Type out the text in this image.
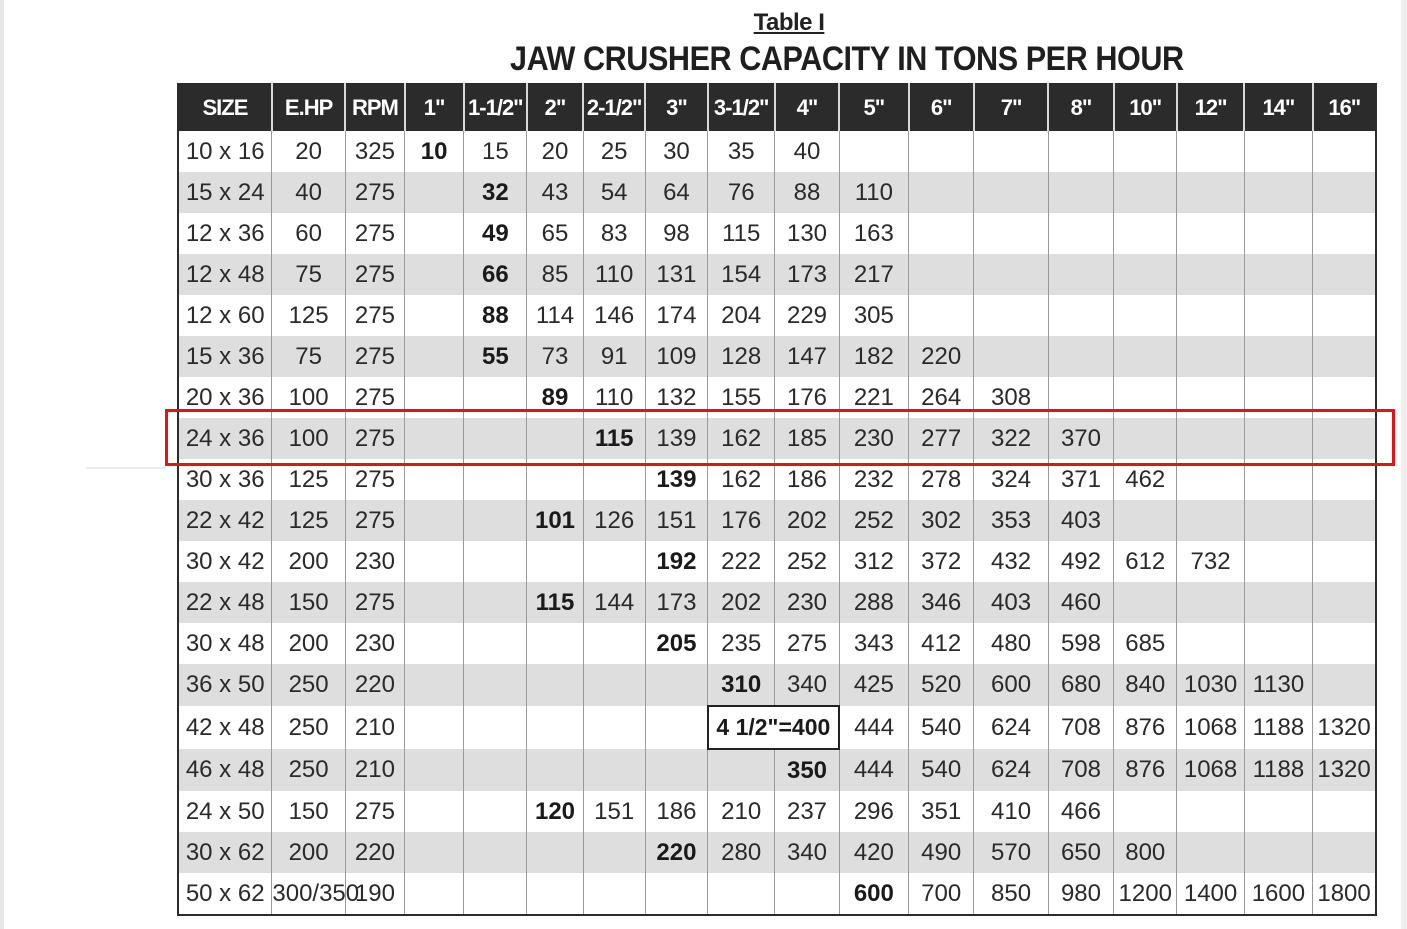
Table I
JAW CRUSHER CAPACITY IN TONS PER HOUR
SIZE	E.HP	RPM	1"	1-1/2"	2"	2-1/2"	3"	3-1/2"	4"	5"	6"	7"	8"	10"	12"	14"	16"
10 x 16	20	325	10	15	20	25	30	35	40								
15 x 24	40	275		32	43	54	64	76	88	110							
12 x 36	60	275		49	65	83	98	115	130	163							
12 x 48	75	275		66	85	110	131	154	173	217							
12 x 60	125	275		88	114	146	174	204	229	305							
15 x 36	75	275		55	73	91	109	128	147	182	220						
20 x 36	100	275			89	110	132	155	176	221	264	308					
24 x 36	100	275				115	139	162	185	230	277	322	370				
30 x 36	125	275					139	162	186	232	278	324	371	462			
22 x 42	125	275			101	126	151	176	202	252	302	353	403				
30 x 42	200	230					192	222	252	312	372	432	492	612	732		
22 x 48	150	275			115	144	173	202	230	288	346	403	460				
30 x 48	200	230					205	235	275	343	412	480	598	685			
36 x 50	250	220						310	340	425	520	600	680	840	1030	1130	
42 x 48	250	210						4 1/2"=400		444	540	624	708	876	1068	1188	1320
46 x 48	250	210							350	444	540	624	708	876	1068	1188	1320
24 x 50	150	275			120	151	186	210	237	296	351	410	466				
30 x 62	200	220					220	280	340	420	490	570	650	800			
50 x 62	300/350	190								600	700	850	980	1200	1400	1600	1800
